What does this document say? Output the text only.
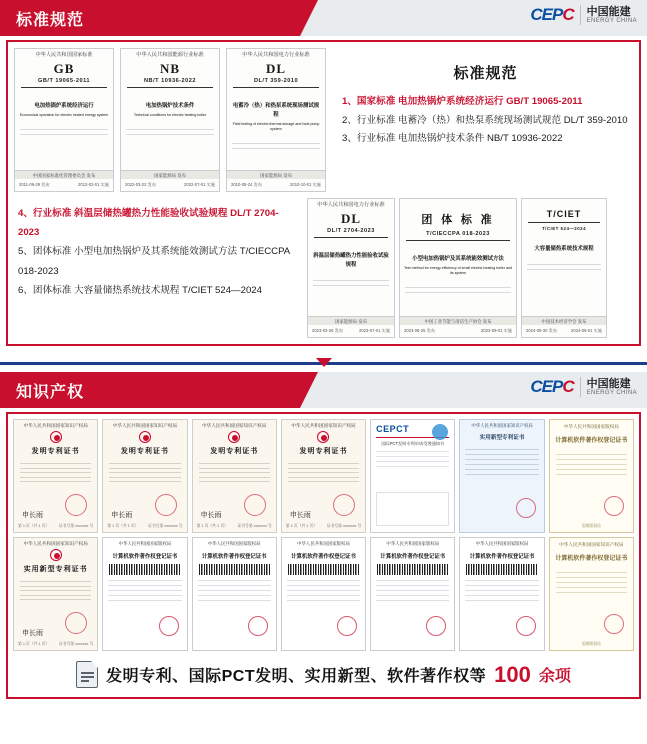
标准规范	CEPC 中国能建
ENERGY CHINA
中华人民共和国国家标准
GB
GB/T 19065-2011
电加热锅炉系统经济运行
Economical operation for electric heated energy system
中国国家标准化管理委员会 发布
2011-09-29 发布	2012-02-01 实施
中华人民共和国能源行业标准
NB
NB/T 10936-2022
电加热锅炉技术条件
Technical conditions for electric heating boiler
国家能源局 发布
2022-03-22 发布	2022-07-01 实施
中华人民共和国电力行业标准
DL
DL/T 359-2010
电蓄冷（热）和热泵系统现场测试规程
Field testing of electric thermal storage and heat pump system
国家能源局 发布
2010-05-24 发布	2010-10-01 实施
标准规范
1、国家标准 电加热锅炉系统经济运行 GB/T 19065-2011
2、行业标准 电蓄冷（热）和热泵系统现场测试规范 DL/T 359-2010
3、行业标准 电加热锅炉技术条件 NB/T 10936-2022
4、行业标准 斜温层储热罐热力性能验收试验规程 DL/T 2704-2023
5、团体标准 小型电加热锅炉及其系统能效测试方法 T/CIECCPA 018-2023
6、团体标准 大容量储热系统技术规程 T/CIET 524—2024
中华人民共和国电力行业标准
DL
DL/T 2704-2023
斜温层储热罐热力性能验收试验规程
国家能源局 发布
2023-03-28 发布	2023-07-01 实施
团 体 标 准
T/CIECCPA 018-2023
小型电加热锅炉及其系统能效测试方法
Test method for energy efficiency of small electric heating boiler and its system
中国工业节能与清洁生产协会 发布
2023-08-25 发布	2023-09-01 实施
T/CIET
T/CIET 524—2024
大容量储热系统技术规程
中国技术经济学会 发布
2024-05-30 发布	2024-06-01 实施
知识产权	CEPC 中国能建
ENERGY CHINA
中华人民共和国国家知识产权局
发明专利证书
申长雨
第 1 页（共 1 页）	证书号第 xxxxxxx 号
中华人民共和国国家知识产权局
发明专利证书
申长雨
第 1 页（共 1 页）	证书号第 xxxxxxx 号
中华人民共和国国家知识产权局
发明专利证书
申长雨
第 1 页（共 1 页）	证书号第 xxxxxxx 号
中华人民共和国国家知识产权局
发明专利证书
申长雨
第 1 页（共 1 页）	证书号第 xxxxxxx 号
CEPCT
国际PCT发明专利申请受理通知书
中华人民共和国国家知识产权局
实用新型专利证书
中华人民共和国国家版权局
计算机软件著作权登记证书
国家版权局
中华人民共和国国家知识产权局
实用新型专利证书
申长雨
第 1 页（共 1 页）	证书号第 xxxxxxx 号
中华人民共和国国家版权局
计算机软件著作权登记证书
中华人民共和国国家版权局
计算机软件著作权登记证书
中华人民共和国国家版权局
计算机软件著作权登记证书
中华人民共和国国家版权局
计算机软件著作权登记证书
中华人民共和国国家版权局
计算机软件著作权登记证书
中华人民共和国国家知识产权局
计算机软件著作权登记证书
国家版权局
发明专利、国际PCT发明、实用新型、软件著作权等 100 余项
